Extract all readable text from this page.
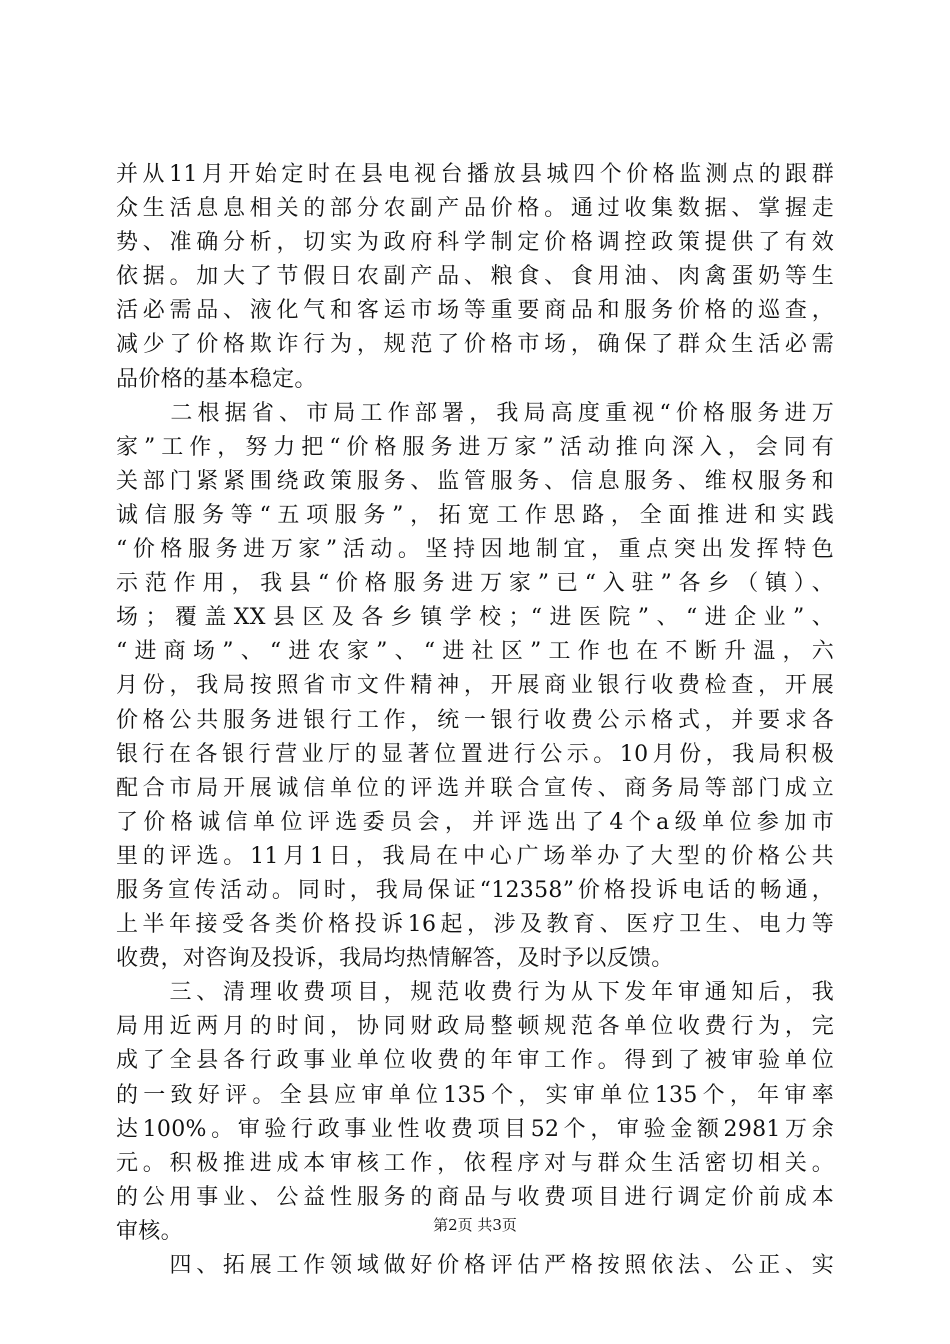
并从11月开始定时在县电视台播放县城四个价格监测点的跟群
众生活息息相关的部分农副产品价格。通过收集数据、掌握走
势、准确分析，切实为政府科学制定价格调控政策提供了有效
依据。加大了节假日农副产品、粮食、食用油、肉禽蛋奶等生
活必需品、液化气和客运市场等重要商品和服务价格的巡查，
减少了价格欺诈行为，规范了价格市场，确保了群众生活必需
品价格的基本稳定。
　　二根据省、市局工作部署，我局高度重视“价格服务进万
家”工作，努力把“价格服务进万家”活动推向深入，会同有
关部门紧紧围绕政策服务、监管服务、信息服务、维权服务和
诚信服务等“五项服务”，拓宽工作思路，全面推进和实践
“价格服务进万家”活动。坚持因地制宜，重点突出发挥特色
示范作用，我县“价格服务进万家”已“入驻”各乡（镇）、
场；覆盖XX县区及各乡镇学校；“进医院”、“进企业”、
“进商场”、“进农家”、“进社区”工作也在不断升温，六
月份，我局按照省市文件精神，开展商业银行收费检查，开展
价格公共服务进银行工作，统一银行收费公示格式，并要求各
银行在各银行营业厅的显著位置进行公示。10月份，我局积极
配合市局开展诚信单位的评选并联合宣传、商务局等部门成立
了价格诚信单位评选委员会，并评选出了4个a级单位参加市
里的评选。11月1日，我局在中心广场举办了大型的价格公共
服务宣传活动。同时，我局保证“12358”价格投诉电话的畅通，
上半年接受各类价格投诉16起，涉及教育、医疗卫生、电力等
收费，对咨询及投诉，我局均热情解答，及时予以反馈。
　　三、清理收费项目，规范收费行为从下发年审通知后，我
局用近两月的时间，协同财政局整顿规范各单位收费行为，完
成了全县各行政事业单位收费的年审工作。得到了被审验单位
的一致好评。全县应审单位135个，实审单位135个，年审率
达100%。审验行政事业性收费项目52个，审验金额2981万余
元。积极推进成本审核工作，依程序对与群众生活密切相关。
的公用事业、公益性服务的商品与收费项目进行调定价前成本
审核。
　　四、拓展工作领域做好价格评估严格按照依法、公正、实
第2页 共3页
